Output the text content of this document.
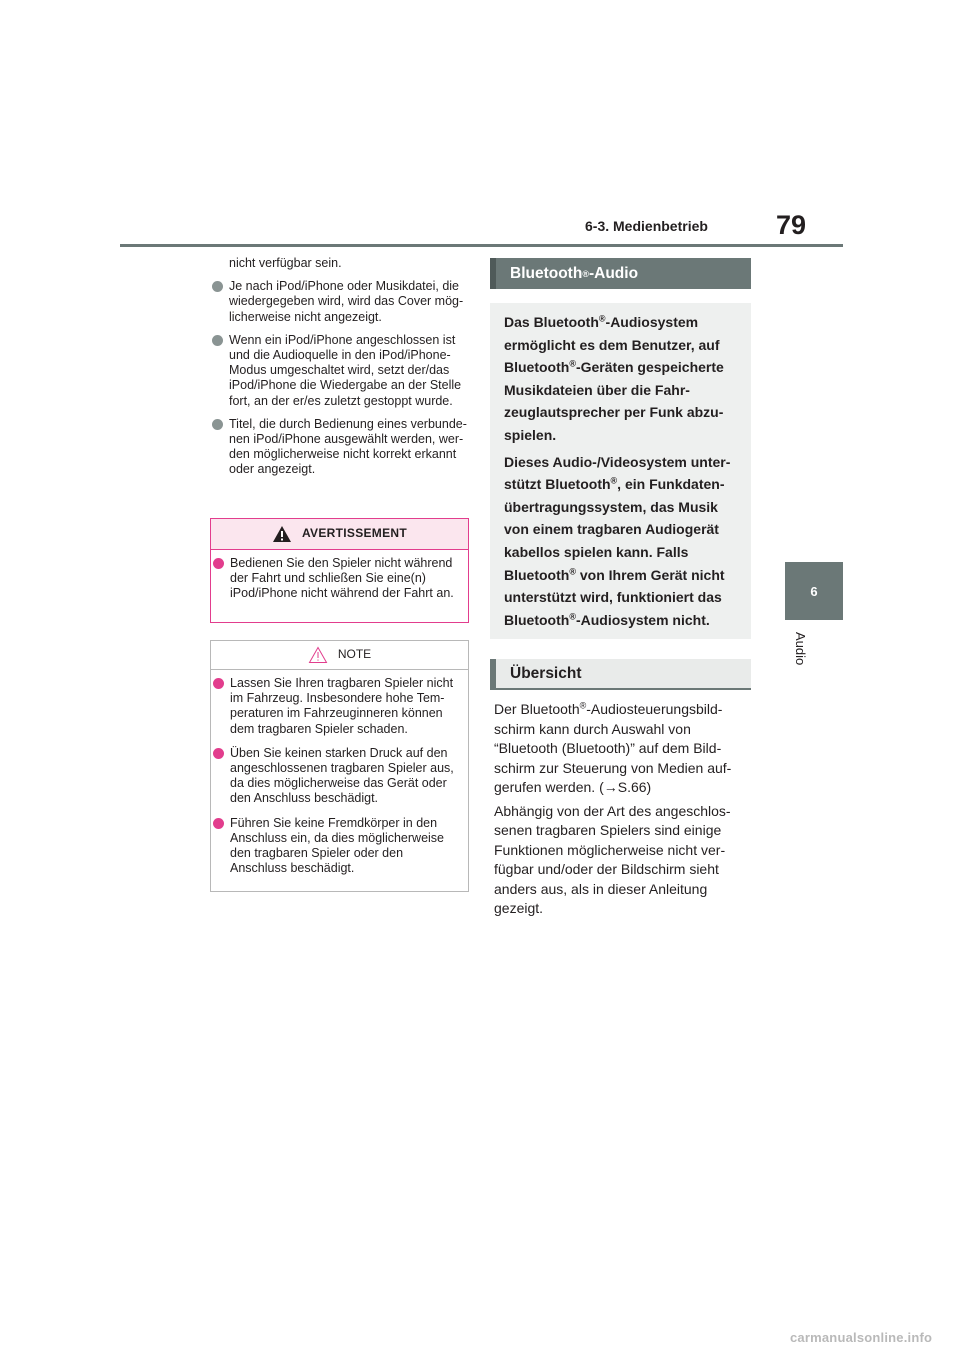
6-3. Medienbetrieb	79
6
Audio
nicht verfügbar sein.
Je nach iPod/iPhone oder Musikdatei, die wiedergegeben wird, wird das Cover mög-licherweise nicht angezeigt.
Wenn ein iPod/iPhone angeschlossen ist und die Audioquelle in den iPod/iPhone-Modus umgeschaltet wird, setzt der/das iPod/iPhone die Wiedergabe an der Stelle fort, an der er/es zuletzt gestoppt wurde.
Titel, die durch Bedienung eines verbunde-nen iPod/iPhone ausgewählt werden, wer-den möglicherweise nicht korrekt erkannt oder angezeigt.
AVERTISSEMENT
Bedienen Sie den Spieler nicht während der Fahrt und schließen Sie eine(n) iPod/iPhone nicht während der Fahrt an.
NOTE
Lassen Sie Ihren tragbaren Spieler nicht im Fahrzeug. Insbesondere hohe Tem-peraturen im Fahrzeuginneren können dem tragbaren Spieler schaden.
Üben Sie keinen starken Druck auf den angeschlossenen tragbaren Spieler aus, da dies möglicherweise das Gerät oder den Anschluss beschädigt.
Führen Sie keine Fremdkörper in den Anschluss ein, da dies möglicherweise den tragbaren Spieler oder den Anschluss beschädigt.
Bluetooth ® -Audio

Das Bluetooth®-Audiosystem ermöglicht es dem Benutzer, auf Bluetooth®-Geräten gespeicherte Musikdateien über die Fahr-zeuglautsprecher per Funk abzu-spielen.

Dieses Audio-/Videosystem unter-stützt Bluetooth®, ein Funkdaten-übertragungssystem, das Musik von einem tragbaren Audiogerät kabellos spielen kann. Falls Bluetooth® von Ihrem Gerät nicht unterstützt wird, funktioniert das Bluetooth®-Audiosystem nicht.

Übersicht

Der Bluetooth®-Audiosteuerungsbild-schirm kann durch Auswahl von “Bluetooth (Bluetooth)” auf dem Bild-schirm zur Steuerung von Medien auf-gerufen werden. (→S.66)

Abhängig von der Art des angeschlos-senen tragbaren Spielers sind einige Funktionen möglicherweise nicht ver-fügbar und/oder der Bildschirm sieht anders aus, als in dieser Anleitung gezeigt.

carmanualsonline.info
